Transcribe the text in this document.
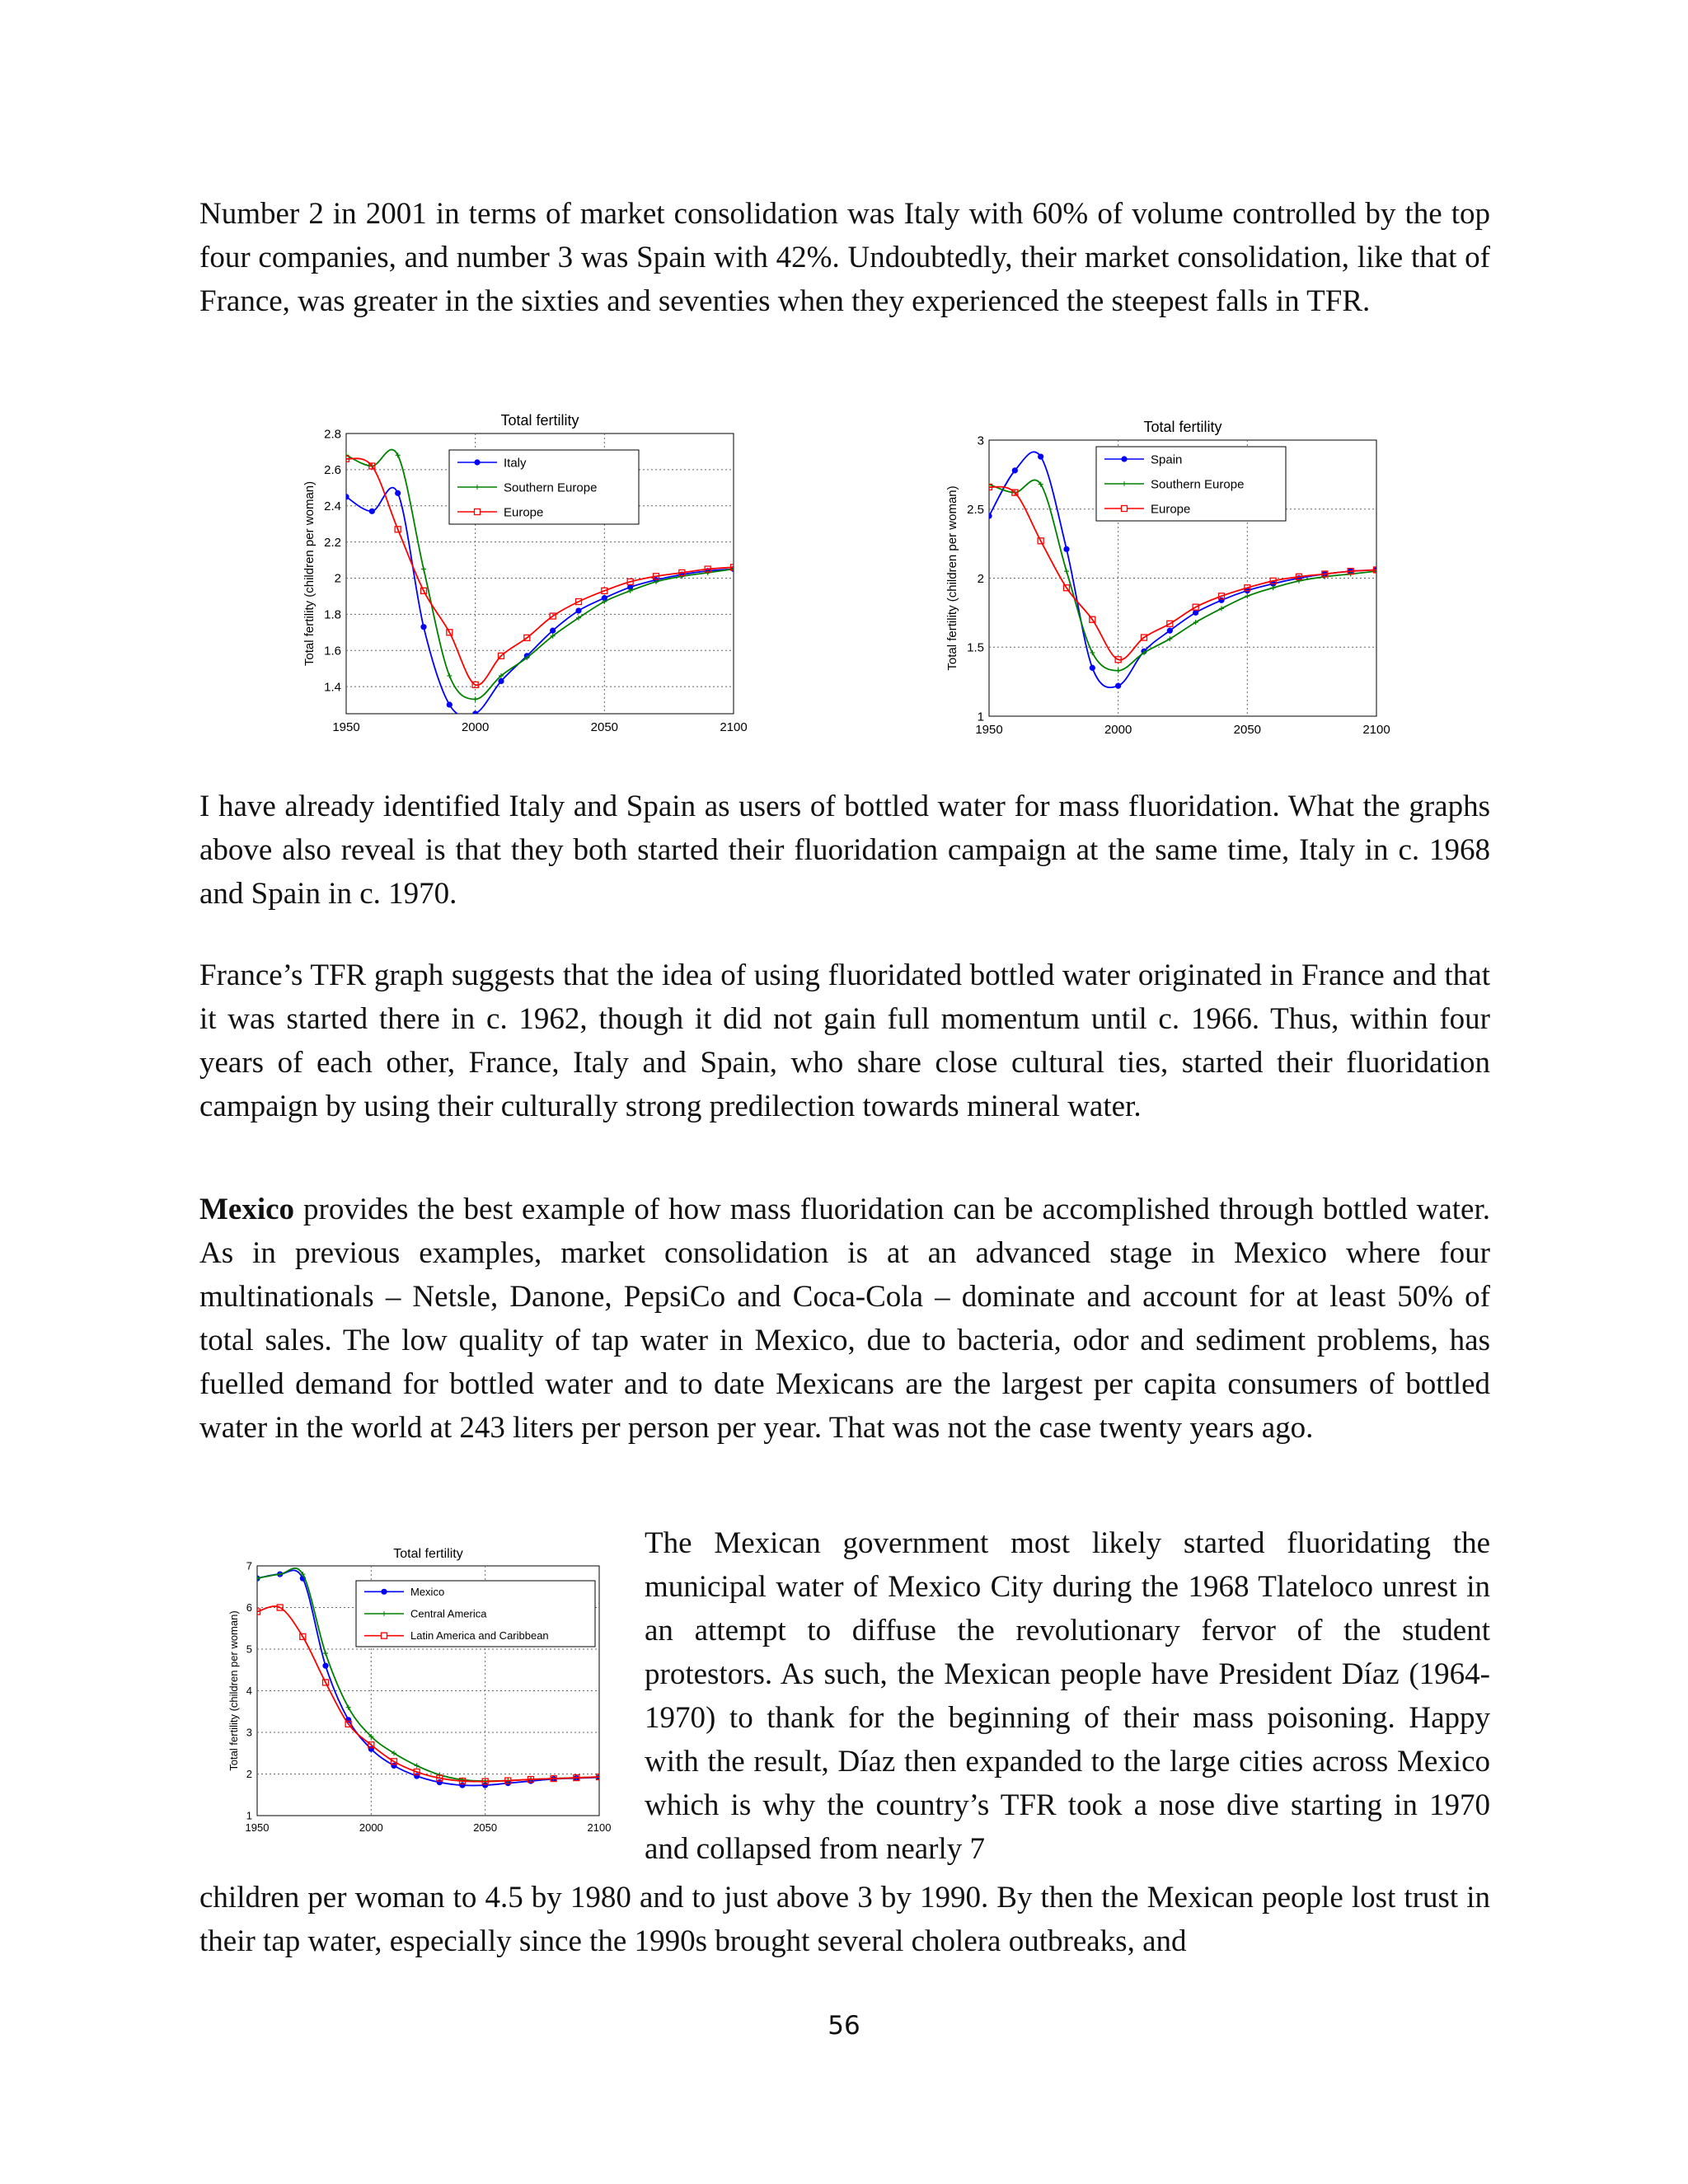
Number 2 in 2001 in terms of market consolidation was Italy with 60% of volume controlled by the top four companies, and number 3 was Spain with 42%. Undoubtedly, their market consolidation, like that of France, was greater in the sixties and seventies when they experienced the steepest falls in TFR.

1950	2000	2050	2100
1.4
1.6
1.8
2
2.2
2.4
2.6
2.8
Total fertility
Total fertility (children per woman)
Italy
Southern Europe
Europe
1950	2000	2050	2100
1
1.5
2
2.5
3
Total fertility
Total fertility (children per woman)
Spain
Southern Europe
Europe

I have already identified Italy and Spain as users of bottled water for mass fluoridation. What the graphs above also reveal is that they both started their fluoridation campaign at the same time, Italy in c. 1968 and Spain in c. 1970.

France’s TFR graph suggests that the idea of using fluoridated bottled water originated in France and that it was started there in c. 1962, though it did not gain full momentum until c. 1966. Thus, within four years of each other, France, Italy and Spain, who share close cultural ties, started their fluoridation campaign by using their culturally strong predilection towards mineral water.

Mexico provides the best example of how mass fluoridation can be accomplished through bottled water. As in previous examples, market consolidation is at an advanced stage in Mexico where four multinationals – Netsle, Danone, PepsiCo and Coca-Cola – dominate and account for at least 50% of total sales. The low quality of tap water in Mexico, due to bacteria, odor and sediment problems, has fuelled demand for bottled water and to date Mexicans are the largest per capita consumers of bottled water in the world at 243 liters per person per year. That was not the case twenty years ago.

1950	2000	2050	2100
1
2
3
4
5
6
7
Total fertility
Total fertility (children per woman)
Mexico
Central America
Latin America and Caribbean

The Mexican government most likely started fluoridating the municipal water of Mexico City during the 1968 Tlateloco unrest in an attempt to diffuse the revolutionary fervor of the student protestors. As such, the Mexican people have President Díaz (1964-1970) to thank for the beginning of their mass poisoning. Happy with the result, Díaz then expanded to the large cities across Mexico which is why the country’s TFR took a nose dive starting in 1970 and collapsed from nearly 7

children per woman to 4.5 by 1980 and to just above 3 by 1990. By then the Mexican people lost trust in their tap water, especially since the 1990s brought several cholera outbreaks, and

56
